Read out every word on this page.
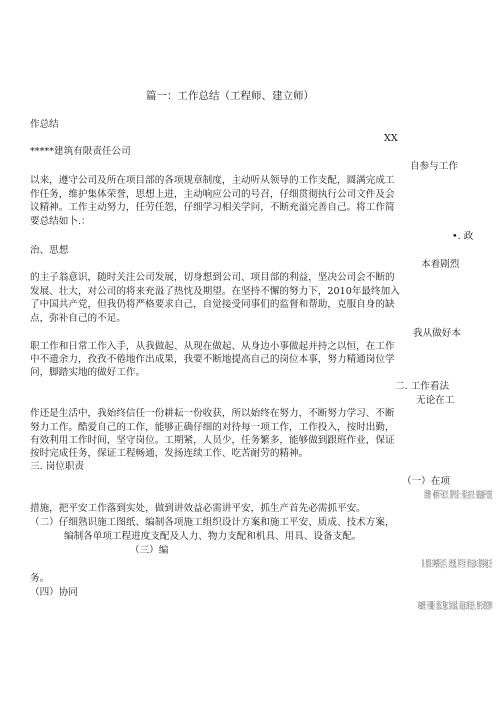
篇一：工作总结（工程师、建立师）
作总结
XX
*****建筑有限责任公司
自参与工作
以来，遵守公司及所在项目部的各项规章制度，主动听从领导的工作支配，圆满完成工
作任务，维护集体荣誉，思想上进，主动响应公司的号召，仔细贯彻执行公司文件及会
议精神。工作主动努力，任劳任怨，仔细学习相关学问，不断充溢完善自己。将工作简
要总结如卜.：
•. 政
治、思想
本着剧烈
的主子翁意识，随时关注公司发展，切身想到公司、项目部的利益，坚决公司会不断的
发展、壮大，对公司的将来充溢了热忱及期望。在坚持不懈的努力下，2010年最终加入
了中国共产党，但我仍将严格要求自己，自觉接受同事们的监督和帮助，克服自身的缺
点，弥补自己的不足。
我从做好本
职工作和日常工作入手，从我做起、从现在做起、从身边小事做起并持之以恒，在工作
中不遗余力，孜孜不倦地作出成果，我要不断地提高自己的岗位本事，努力精通岗位学
问，脚踏实地的做好工作。
二. 工作看法
无论在工
作还是生活中，我始终信任一份耕耘一份收获，所以始终在努力，不断努力学习、不断
努力工作。酷爱自己的工作，能够正确仔细的对待每一项工作，工作投入，按时出勤，
有效利用工作时间，坚守岗位。工期紧，人员少，任务繁多，能够做到跟班作业，保证
按时完成任务，保证工程畅通，发扬连续工作、吃苦耐劳的精神。
三. 岗位职责
（一）在项
目经理的「•脆领导下开展工作，贯彻平安第一、预防为主的方针，按规定搞好平安防范
措施，把平安工作落到实处，做到讲效益必需讲平安，抓生产首先必需抓平安。
（二）仔细熟识施工图纸、编制各项施工组织设计方案和施工平安、质成、技术方案，
编制各单项工程进度支配及人力、物力支配和机具、用具、设备支配。
（三）编
制、组织各工种按期开会学习，合理支配、科学引导、顺当完成本工程的各项施工任
务。
（四）协同
项H经理、仔细履行《建设工程施工合同3条款，保证施工顺当进行，维护公司的信誉和
